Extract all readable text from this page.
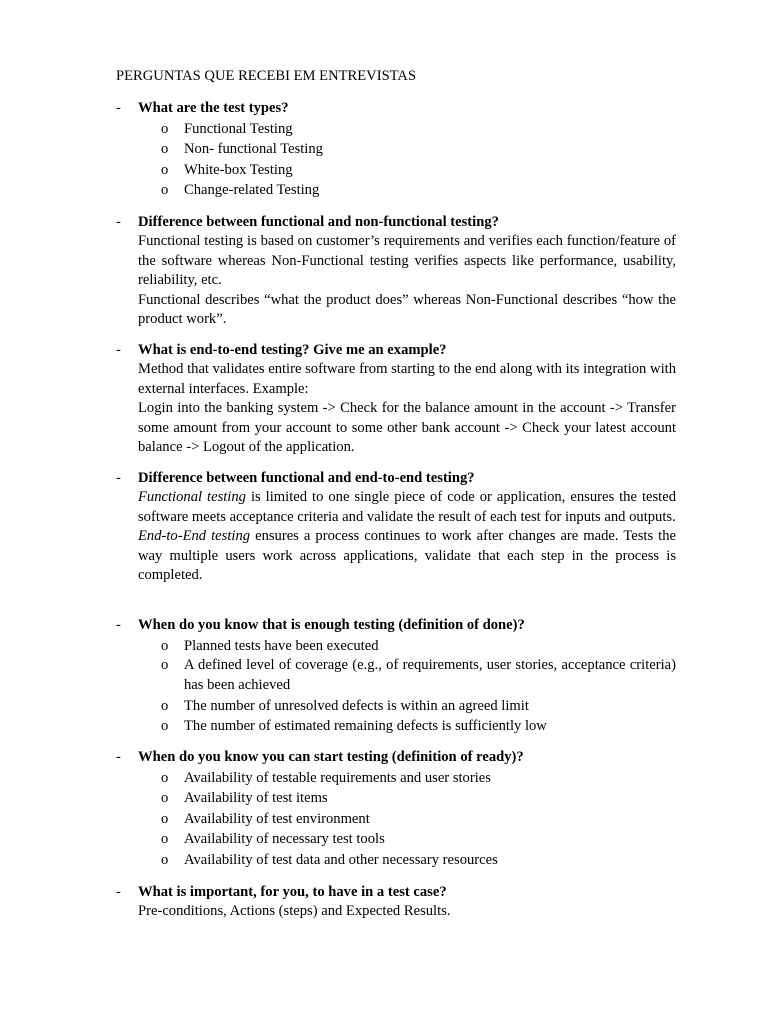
PERGUNTAS QUE RECEBI EM ENTREVISTAS
- What are the test types?
o Functional Testing
o Non- functional Testing
o White-box Testing
o Change-related Testing
- Difference between functional and non-functional testing?

Functional testing is based on customer’s requirements and verifies each function/feature of the software whereas Non-Functional testing verifies aspects like performance, usability, reliability, etc.

Functional describes “what the product does” whereas Non-Functional describes “how the product work”.

- What is end-to-end testing? Give me an example?

Method that validates entire software from starting to the end along with its integration with external interfaces. Example:

Login into the banking system -> Check for the balance amount in the account -> Transfer some amount from your account to some other bank account -> Check your latest account balance -> Logout of the application.

- Difference between functional and end-to-end testing?

Functional testing is limited to one single piece of code or application, ensures the tested software meets acceptance criteria and validate the result of each test for inputs and outputs.

End-to-End testing ensures a process continues to work after changes are made. Tests the way multiple users work across applications, validate that each step in the process is completed.

- When do you know that is enough testing (definition of done)?
o Planned tests have been executed
o A defined level of coverage (e.g., of requirements, user stories, acceptance criteria) has been achieved
o The number of unresolved defects is within an agreed limit
o The number of estimated remaining defects is sufficiently low
- When do you know you can start testing (definition of ready)?
o Availability of testable requirements and user stories
o Availability of test items
o Availability of test environment
o Availability of necessary test tools
o Availability of test data and other necessary resources
- What is important, for you, to have in a test case?

Pre-conditions, Actions (steps) and Expected Results.
